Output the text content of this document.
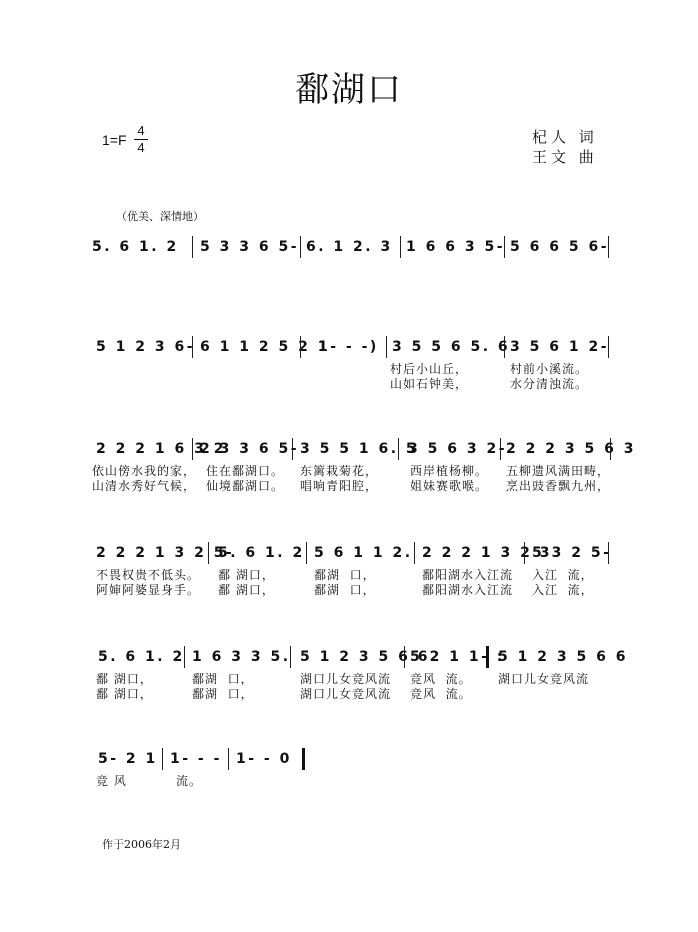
鄱湖口
1=F
4
4
杞人 词
王文 曲
（优美、深情地）
5. 6 1. 2 5 3 3 6 5- 6. 1 2. 3 1 6 6 3 5- 5 6 6 5 6-
5 1 2 3 6- 6 1 1 2 5 2 1
1- - -) 3 5 5 6 5. 6 3 5 6 1 2-
村后小山丘，	村前小溪流。
山如石钟美，	水分清浊流。
2 2 2 1 6 3 2
2 3 3 6 5- 3 5 5 1 6. 5
3 5 6 3 2-
2 2 2 3 5 6 3
依山傍水我的家， 住在鄱湖口。 东篱栽菊花，	西岸植杨柳。 五柳遗风满田畴，
山清水秀好气候， 仙境鄱湖口。 唱响青阳腔，	姐妹赛歌喉。 烹出豉香飘九州，
2 2 2 1 3 2 5-
5. 6 1. 2 5 6 1 1 2. 2 2 2 1 3 2 3
5 3 2 5-
不畏权贵不低头。 鄱 湖口，	鄱湖  口，	鄱阳湖水入江流 入江  流，
阿婶阿婆显身手。 鄱 湖口，	鄱湖  口，	鄱阳湖水入江流 入江  流，
5. 6 1. 2 1 6 3 3 5. 5 1 2 3 5 6 6
5 2 1 1- :
5 1 2 3 5 6 6
鄱 湖口，	鄱湖  口，	湖口儿女竞风流 竞风  流。 湖口儿女竞风流
鄱 湖口，	鄱湖  口，	湖口儿女竞风流 竞风  流。
5- 2 1 1- - - 1- - 0
竞 风	流。
作于2006年2月
